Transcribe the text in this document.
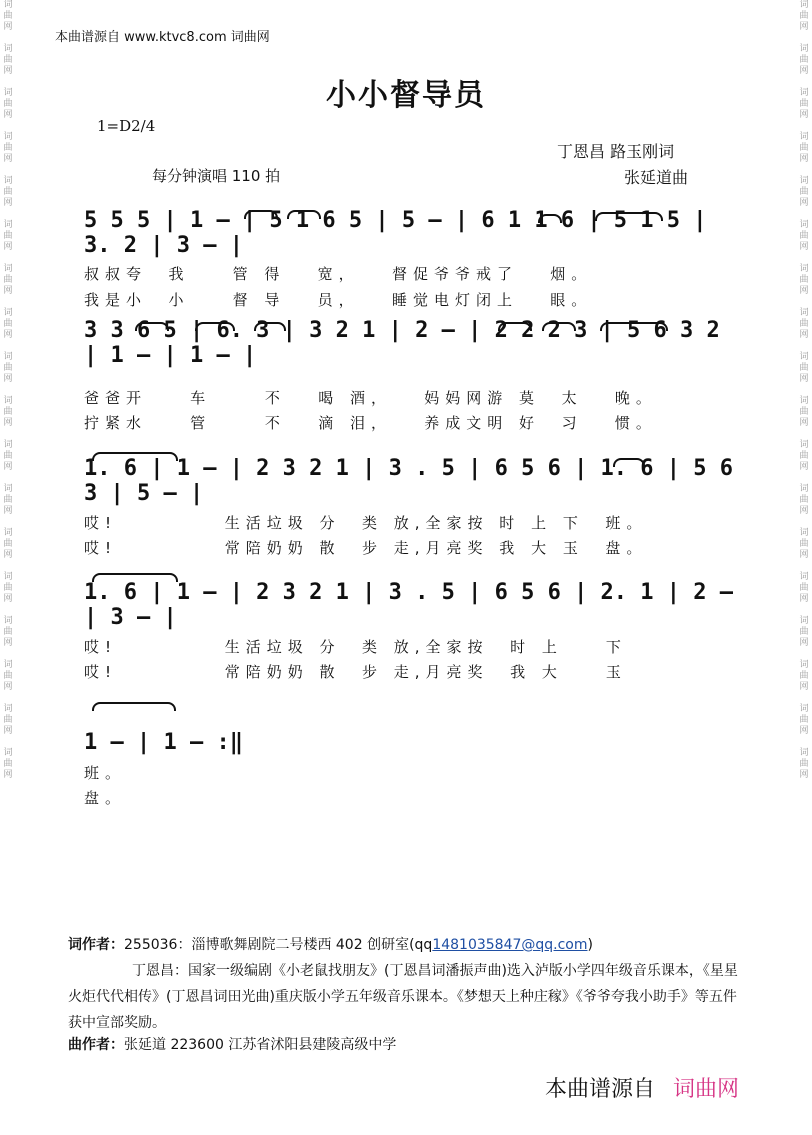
本曲谱源自 www.ktvc8.com 词曲网
词
曲
网

词
曲
网

词
曲
网

词
曲
网

词
曲
网

词
曲
网

词
曲
网

词
曲
网

词
曲
网

词
曲
网

词
曲
网

词
曲
网

词
曲
网

词
曲
网

词
曲
网

词
曲
网

词
曲
网

词
曲
网

词
曲
网

词
曲
网

词
曲
网

词
曲
网

词
曲
网

词
曲
网

词
曲
网

词
曲
网

词
曲
网

词
曲
网

词
曲
网

词
曲
网

词
曲
网

词
曲
网

词
曲
网

词
曲
网

词
曲
网

词
曲
网

小小督导员
1=D2/4
每分钟演唱 110 拍
丁恩昌 路玉刚词
张延道曲
5 5 5 | 1 — | 5 1 6 5 | 5 — | 6 1 1 6 | 5 1 5 | 3. 2 | 3 — |
叔叔夸  我    管 得   宽，   督促爷爷戒了   烟。
我是小  小    督 导   员，   睡觉电灯闭上   眼。
3 3 6 5 | 6. 3 | 3 2 1 | 2 — | 2 2 2 3 | 5 6 3 2 | 1 — | 1 — |
爸爸开    车     不   喝 酒，   妈妈网游 莫  太   晚。
拧紧水    管     不   滴 泪，   养成文明 好  习   惯。
1. 6 | 1 — | 2 3 2 1 | 3 . 5 | 6 5 6 | 1. 6 | 5 6 3 | 5 — |
哎!          生活垃圾 分  类 放,全家按 时 上 下  班。
哎!          常陪奶奶 散  步 走,月亮奖 我 大 玉  盘。
1. 6 | 1 — | 2 3 2 1 | 3 . 5 | 6 5 6 | 2. 1 | 2 — | 3 — |
哎!          生活垃圾 分  类 放,全家按  时 上    下
哎!          常陪奶奶 散  步 走,月亮奖  我 大    玉
1 — | 1 — :‖
班。
盘。
词作者：255036：淄博歌舞剧院二号楼西 402 创研室(qq1481035847@qq.com)
丁恩昌：国家一级编剧《小老鼠找朋友》(丁恩昌词潘振声曲)选入泸版小学四年级音乐课本，《星星火炬代代相传》(丁恩昌词田光曲)重庆版小学五年级音乐课本。《梦想天上种庄稼》《爷爷夸我小助手》等五件获中宣部奖励。
曲作者：张延道 223600 江苏省沭阳县建陵高级中学
本曲谱源自 词曲网
